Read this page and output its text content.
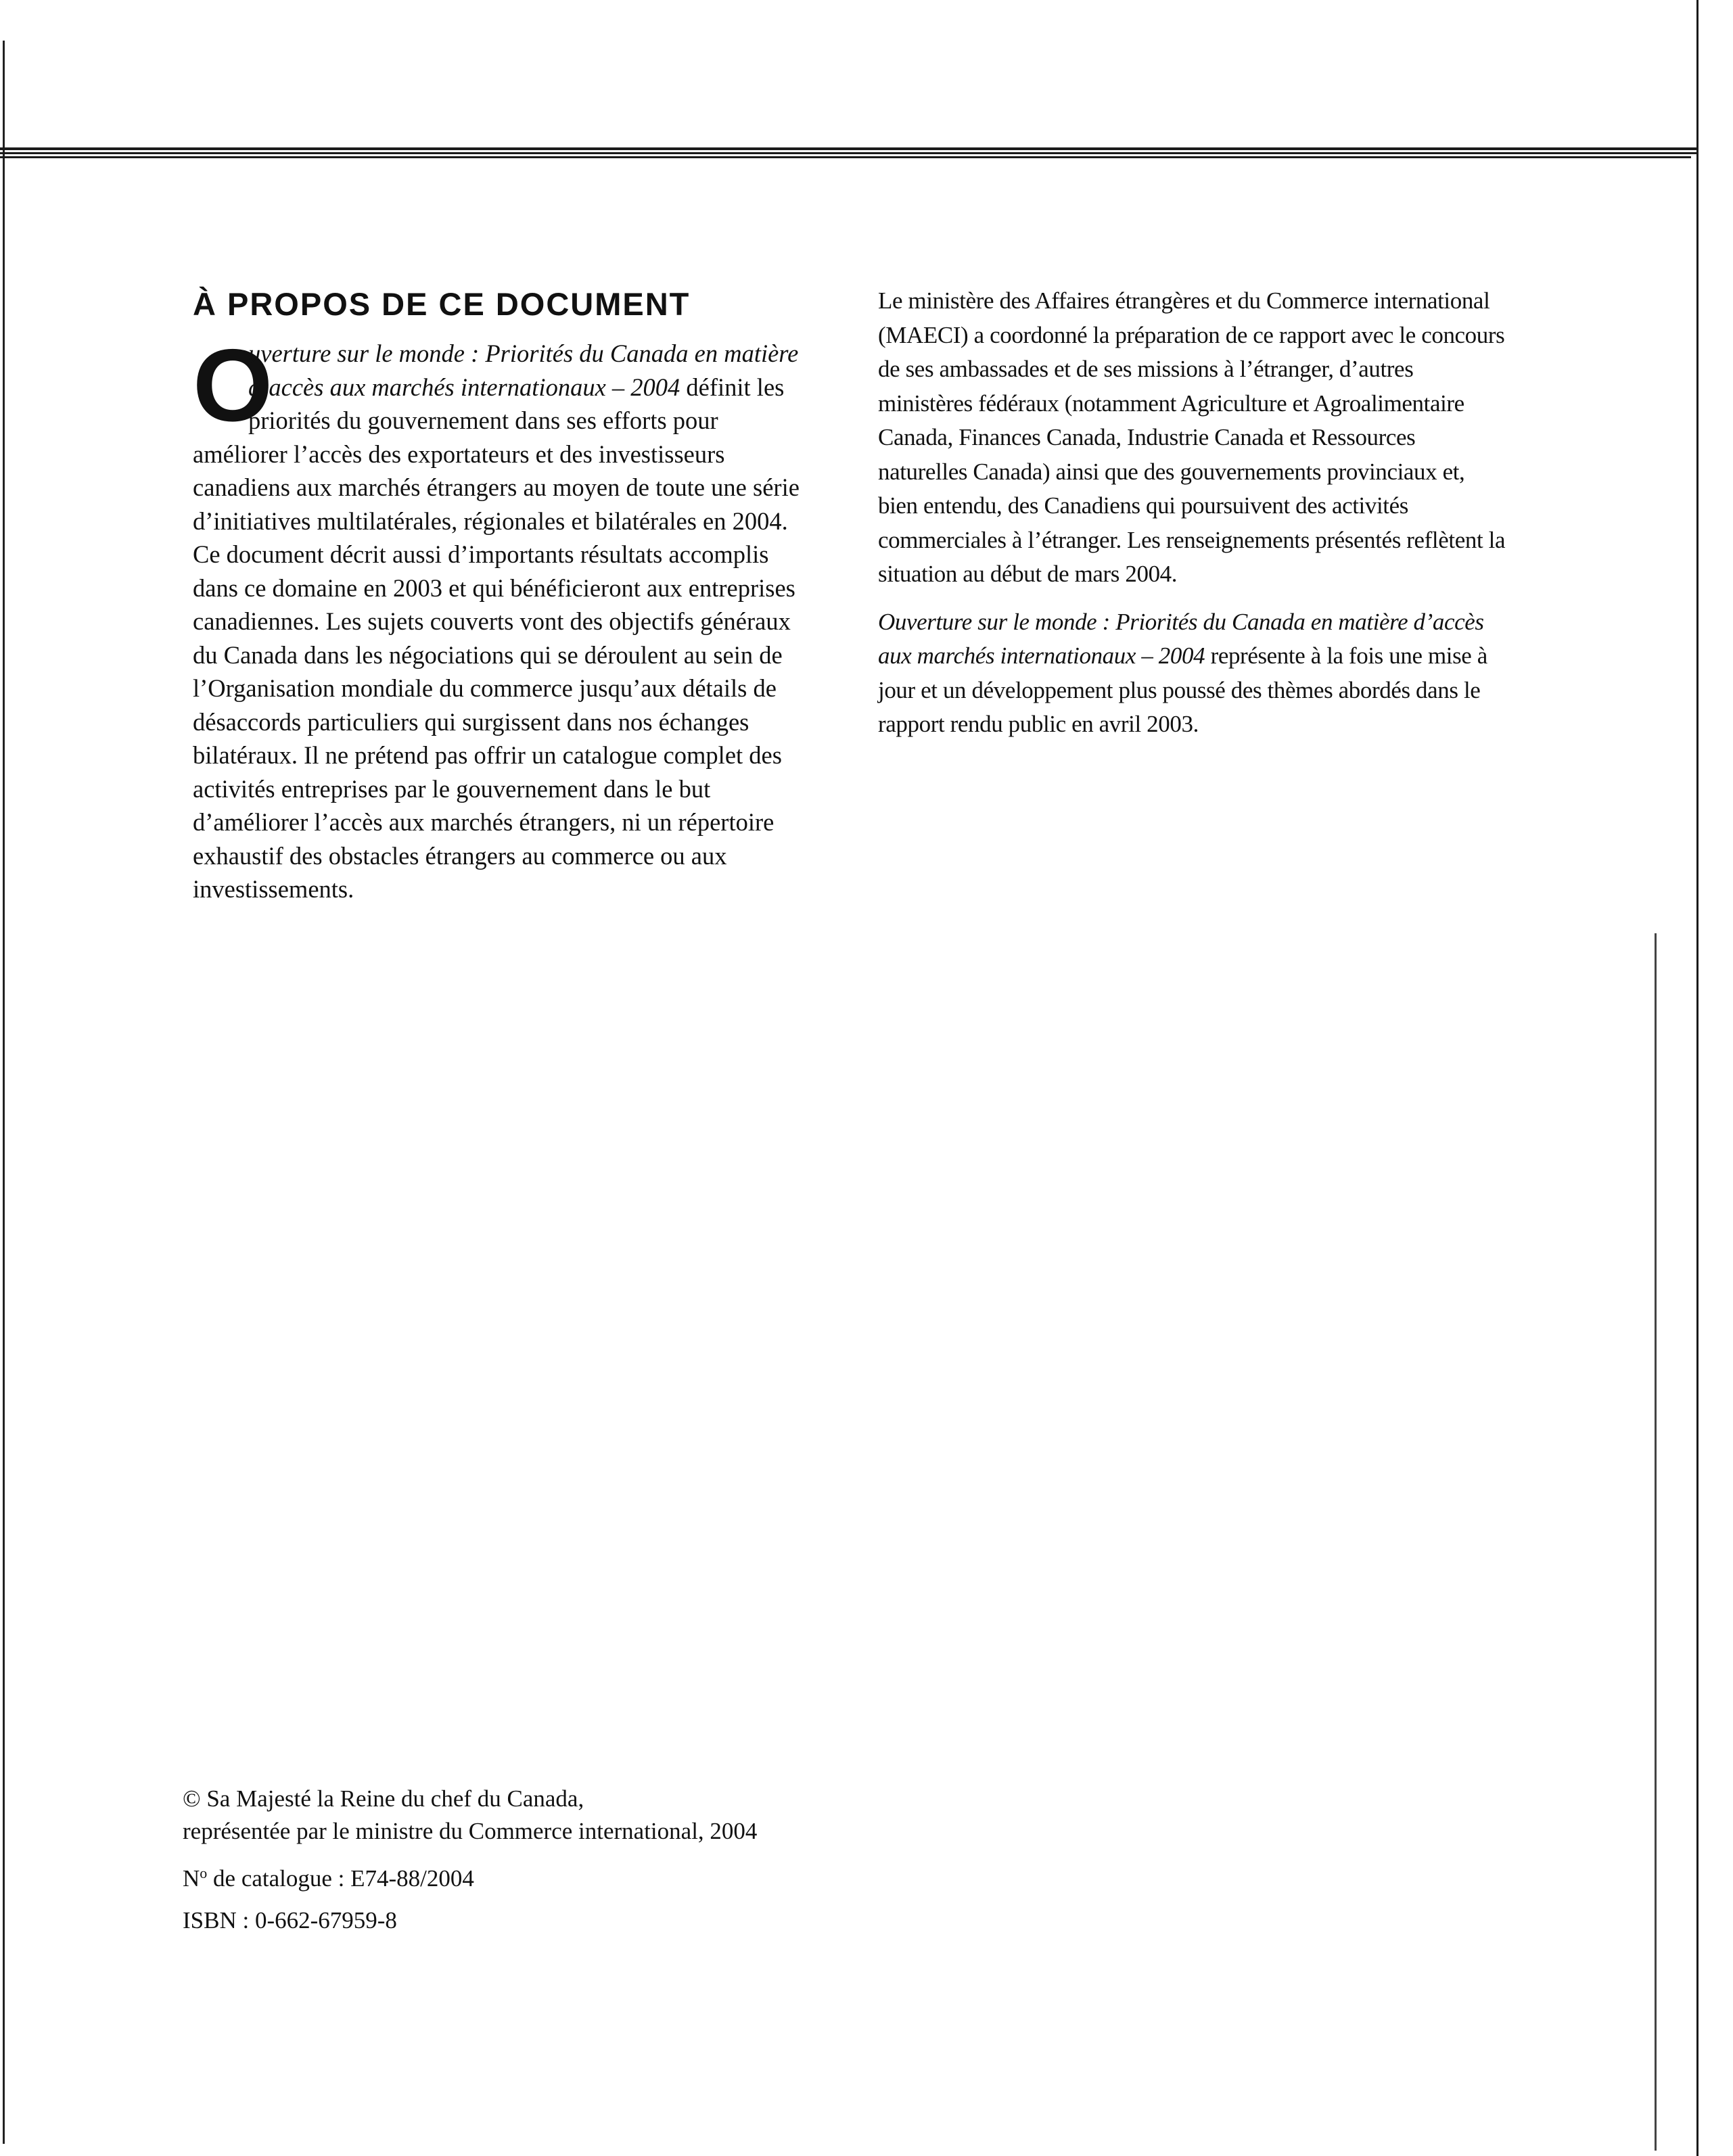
À PROPOS DE CE DOCUMENT

O
uverture sur le monde : Priorités du Canada en matière d’accès aux marchés internationaux – 2004 définit les priorités du gouvernement dans ses efforts pour améliorer l’accès des exportateurs et des investisseurs canadiens aux marchés étrangers au moyen de toute une série d’initiatives multilatérales, régionales et bilatérales en 2004. Ce document décrit aussi d’importants résultats accomplis dans ce domaine en 2003 et qui bénéficieront aux entreprises canadiennes. Les sujets couverts vont des objectifs généraux du Canada dans les négociations qui se déroulent au sein de l’Organisation mondiale du commerce jusqu’aux détails de désaccords particuliers qui surgissent dans nos échanges bilatéraux. Il ne prétend pas offrir un catalogue complet des activités entreprises par le gouvernement dans le but d’améliorer l’accès aux marchés étrangers, ni un répertoire exhaustif des obstacles étrangers au commerce ou aux investissements.

Le ministère des Affaires étrangères et du Commerce international (MAECI) a coordonné la préparation de ce rapport avec le concours de ses ambassades et de ses missions à l’étranger, d’autres ministères fédéraux (notamment Agriculture et Agroalimentaire Canada, Finances Canada, Industrie Canada et Ressources naturelles Canada) ainsi que des gouvernements provinciaux et, bien entendu, des Canadiens qui poursuivent des activités commerciales à l’étranger. Les renseignements présentés reflètent la situation au début de mars 2004.

Ouverture sur le monde : Priorités du Canada en matière d’accès aux marchés internationaux – 2004 représente à la fois une mise à jour et un développement plus poussé des thèmes abordés dans le rapport rendu public en avril 2003.

© Sa Majesté la Reine du chef du Canada,

représentée par le ministre du Commerce international, 2004

$N^o$ de catalogue : E74-88/2004

ISBN : 0-662-67959-8
